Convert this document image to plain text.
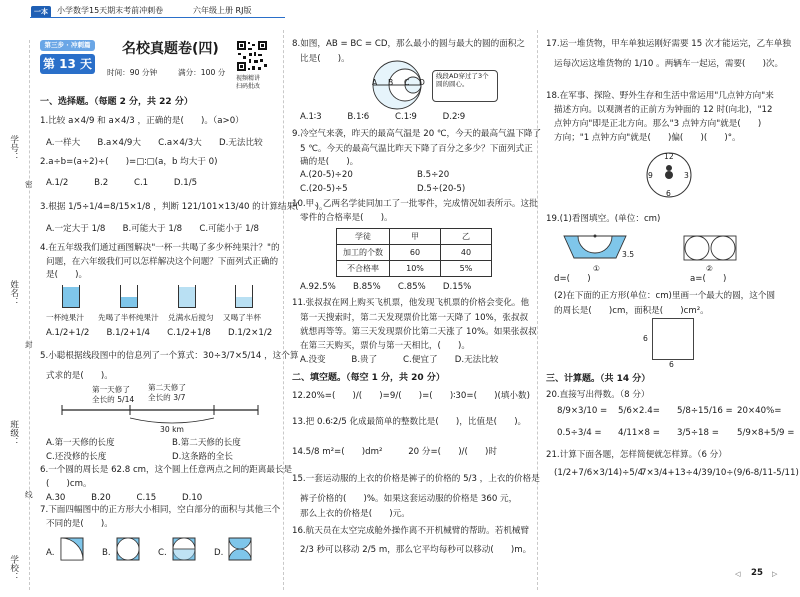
一本	小学数学15天期末考前冲刺卷	六年级上册 RJ版
学号：
姓名：
班级：
学校：
密
封
线
第三步 · 冲刺篇
第 13 天
名校真题卷(四)
时间：90 分钟	满分：100 分
视频精讲
扫码批改
一、选择题。（每题 2 分，共 22 分）
1.比较 a×4/9 和 a×4/3 ，正确的是(　　)。（a>0）
A.一样大　　B.a×4/9大　　C.a×4/3大　　D.无法比较
2.a÷b=(a÷2)÷(　　)=□∶□(a，b 均大于 0)
A.1/2　　　B.2　　　C.1　　　D.1/5
3.根据 1/5÷1/4=8/15×1/8 ，判断 121/101×13/40 的计算结果(　　)。
A.一定大于 1/8　　B.可能大于 1/8　　C.可能小于 1/8
4.在五年级我们通过画图解决"一杯一共喝了多少杯纯果汁？"的
问题，在六年级我们可以怎样解决这个问题？下面列式正确的
是(　　)。
一杯纯果汁 先喝了半杯纯果汁 兑满水后搅匀 又喝了半杯
A.1/2+1/2　　B.1/2+1/4　　C.1/2+1/8　　D.1/2×1/2
5.小聪根据线段图中的信息列了一个算式：30÷3/7×5/14 ，这个算
式求的是(　　)。
第一天修了
全长的 5/14
第二天修了
全长的 3/7
30 km
A.第一天修的长度	B.第二天修的长度
C.还没修的长度	D.这条路的全长
6.一个圆的周长是 62.8 cm，这个圆上任意两点之间的距离最长是
(　　)cm。
A.30　　　B.20　　　C.15　　　D.10
7.下面四幅图中的正方形大小相同，空白部分的面积与其他三个
不同的是(　　)。
A.	B.	C.	D.
8.如图，AB = BC = CD，那么最小的圆与最大的圆的面积之
比是(　　)。
A B C D
线段AD穿过了3个圆的圆心。
A.1∶3　　　B.1∶6　　　C.1∶9　　　D.2∶9
9.冷空气来袭，昨天的最高气温是 20 ℃，今天的最高气温下降了
5 ℃。今天的最高气温比昨天下降了百分之多少？下面列式正
确的是(　　)。
A.(20-5)÷20	B.5÷20
C.(20-5)÷5	D.5÷(20-5)
10.甲、乙两名学徒同加工了一批零件，完成情况如表所示。这批
零件的合格率是(　　)。
学徒	甲	乙
加工的个数	60	40
不合格率	10%	5%
A.92.5%　　B.85%　　C.85%　　D.15%
11.张叔叔在网上购买飞机票，他发现飞机票的价格会变化。他
第一天搜索时，第二天发现票价比第一天降了 10%，张叔叔
就想再等等。第三天发现票价比第二天涨了 10%。如果张叔叔
在第三天购买，票价与第一天相比，(　　)。
A.没变　　　B.贵了　　　C.便宜了　　D.无法比较
二、填空题。（每空 1 分，共 20 分）
12.20%=(　　)/(　　)=9/(　　)=(　　)∶30=(　　)(填小数)
13.把 0.6∶2/5 化成最简单的整数比是(　　)，比值是(　　)。
14.5/8 m²=(　　)dm²　　　20 分=(　　)/(　　)时
15.一套运动服的上衣的价格是裤子的价格的 5/3 ，上衣的价格是
裤子价格的(　　)%。如果这套运动服的价格是 360 元，
那么上衣的价格是(　　)元。
16.航天员在太空完成舱外操作离不开机械臂的帮助。若机械臂
2/3 秒可以移动 2/5 m，那么它平均每秒可以移动(　　)m。
17.运一堆货物，甲车单独运刚好需要 15 次才能运完，乙车单独
运每次运这堆货物的 1/10 。两辆车一起运，需要(　　)次。
18.在军事、探险、野外生存和生活中常运用"几点钟方向"来
描述方向。以观测者的正前方为钟面的 12 时(向北)，"12
点钟方向"即是正北方向。那么"3 点钟方向"就是(　　)
方向；"1 点钟方向"就是(　　)偏(　　)(　　)°。
12
3
6
9
19.(1)看图填空。(单位：cm)
3.5
①	②
d=(　　)	a=(　　)
(2)在下面的正方形(单位：cm)里画一个最大的圆，这个圆
的周长是(　　)cm，面积是(　　)cm²。
6
6
三、计算题。（共 14 分）
20.直接写出得数。（8 分）
8/9×3/10 = 5/6×2.4= 5/8÷15/16 = 20×40%=
0.5÷3/4 = 4/11×8 = 3/5÷18 = 5/9×8+5/9 =
21.计算下面各题，怎样简便就怎样算。（6 分）
(1/2+7/6×3/14)÷5/4
7×3/4+13÷4/3 9/10÷(9/6-8/11-5/11)
◁ 25 ▷
